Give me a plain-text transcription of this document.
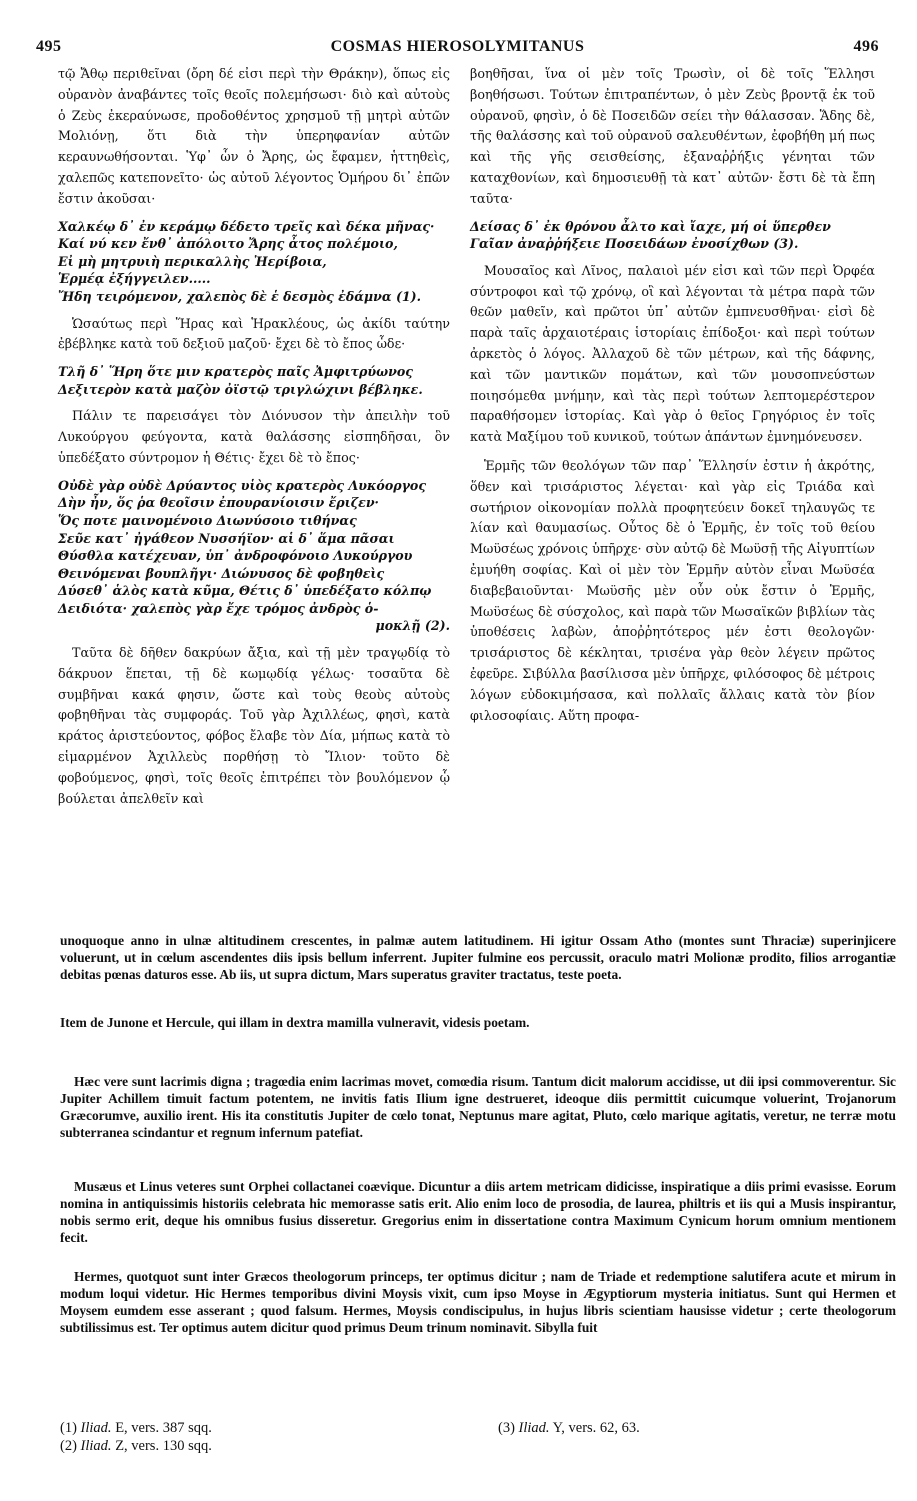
495	COSMAS HIEROSOLYMITANUS	496

τῷ Ἄθῳ περιθεῖναι (ὄρη δέ εἰσι περὶ τὴν Θράκην), ὅπως εἰς οὐρανὸν ἀναβάντες τοῖς θεοῖς πολεμήσωσι· διὸ καὶ αὐτοὺς ὁ Ζεὺς ἐκεραύνωσε, προδοθέντος χρησμοῦ τῇ μητρὶ αὐτῶν Μολιόνῃ, ὅτι διὰ τὴν ὑπερηφανίαν αὐτῶν κεραυνωθήσονται. Ὑφ᾽ ὧν ὁ Ἄρης, ὡς ἔφαμεν, ἡττηθεὶς, χαλεπῶς κατεπονεῖτο· ὡς αὐτοῦ λέγοντος Ὁμήρου δι᾽ ἐπῶν ἔστιν ἀκοῦσαι·

Χαλκέῳ δ᾽ ἐν κεράμῳ δέδετο τρεῖς καὶ δέκα μῆνας·
Καί νύ κεν ἔνθ᾽ ἀπόλοιτο Ἄρης ἆτος πολέμοιο,
Εἰ μὴ μητρυιὴ περικαλλὴς Ἠερίβοια,
Ἑρμέᾳ ἐξήγγειλεν.....
Ἤδη τειρόμενον, χαλεπὸς δὲ ἑ δεσμὸς ἐδάμνα (1).

Ὡσαύτως περὶ Ἥρας καὶ Ἡρακλέους, ὡς ἀκίδι ταύτην ἐβέβληκε κατὰ τοῦ δεξιοῦ μαζοῦ· ἔχει δὲ τὸ ἔπος ὧδε·

Τλῆ δ᾽ Ἥρη ὅτε μιν κρατερὸς παῖς Ἀμφιτρύωνος
Δεξιτερὸν κατὰ μαζὸν ὀϊστῷ τριγλώχινι βέβληκε.

Πάλιν τε παρεισάγει τὸν Διόνυσον τὴν ἀπειλὴν τοῦ Λυκούργου φεύγοντα, κατὰ θαλάσσης εἰσπηδῆσαι, ὃν ὑπεδέξατο σύντρομον ἡ Θέτις· ἔχει δὲ τὸ ἔπος·

Οὐδὲ γὰρ οὐδὲ Δρύαντος υἱὸς κρατερὸς Λυκόοργος
Δὴν ἦν, ὅς ῥα θεοῖσιν ἐπουρανίοισιν ἔριζεν·
Ὅς ποτε μαινομένοιο Διωνύσοιο τιθήνας
Σεῦε κατ᾽ ἠγάθεον Νυσσήϊον· αἱ δ᾽ ἅμα πᾶσαι
Θύσθλα κατέχευαν, ὑπ᾽ ἀνδροφόνοιο Λυκούργου
Θεινόμεναι βουπλῆγι· Διώνυσος δὲ φοβηθεὶς
Δύσεθ᾽ ἁλὸς κατὰ κῦμα, Θέτις δ᾽ ὑπεδέξατο κόλπῳ
Δειδιότα· χαλεπὸς γὰρ ἔχε τρόμος ἀνδρὸς ὁ-
μοκλῇ (2).

Ταῦτα δὲ δῆθεν δακρύων ἄξια, καὶ τῇ μὲν τραγῳδίᾳ τὸ δάκρυον ἕπεται, τῇ δὲ κωμῳδίᾳ γέλως· τοσαῦτα δὲ συμβῆναι κακά φησιν, ὥστε καὶ τοὺς θεοὺς αὐτοὺς φοβηθῆναι τὰς συμφοράς. Τοῦ γὰρ Ἀχιλλέως, φησὶ, κατὰ κράτος ἀριστεύοντος, φόβος ἔλαβε τὸν Δία, μήπως κατὰ τὸ εἱμαρμένον Ἀχιλλεὺς πορθήσῃ τὸ Ἴλιον· τοῦτο δὲ φοβούμενος, φησὶ, τοῖς θεοῖς ἐπιτρέπει τὸν βουλόμενον ᾧ βούλεται ἀπελθεῖν καὶ

βοηθῆσαι, ἵνα οἱ μὲν τοῖς Τρωσὶν, οἱ δὲ τοῖς Ἕλλησι βοηθήσωσι. Τούτων ἐπιτραπέντων, ὁ μὲν Ζεὺς βροντᾷ ἐκ τοῦ οὐρανοῦ, φησὶν, ὁ δὲ Ποσειδῶν σείει τὴν θάλασσαν. Ἅδης δὲ, τῆς θαλάσσης καὶ τοῦ οὐρανοῦ σαλευθέντων, ἐφοβήθη μή πως καὶ τῆς γῆς σεισθείσης, ἐξαναῤῥήξις γένηται τῶν καταχθονίων, καὶ δημοσιευθῇ τὰ κατ᾽ αὐτῶν· ἔστι δὲ τὰ ἔπη ταῦτα·

Δείσας δ᾽ ἐκ θρόνου ἆλτο καὶ ἴαχε, μή οἱ ὕπερθεν
Γαῖαν ἀναῤῥήξειε Ποσειδάων ἐνοσίχθων (3).

Μουσαῖος καὶ Λῖνος, παλαιοὶ μέν εἰσι καὶ τῶν περὶ Ὀρφέα σύντροφοι καὶ τῷ χρόνῳ, οἳ καὶ λέγονται τὰ μέτρα παρὰ τῶν θεῶν μαθεῖν, καὶ πρῶτοι ὑπ᾽ αὐτῶν ἐμπνευσθῆναι· εἰσὶ δὲ παρὰ ταῖς ἀρχαιοτέραις ἱστορίαις ἐπίδοξοι· καὶ περὶ τούτων ἀρκετὸς ὁ λόγος. Ἀλλαχοῦ δὲ τῶν μέτρων, καὶ τῆς δάφνης, καὶ τῶν μαντικῶν πομάτων, καὶ τῶν μουσοπνεύστων ποιησόμεθα μνήμην, καὶ τὰς περὶ τούτων λεπτομερέστερον παραθήσομεν ἱστορίας. Καὶ γὰρ ὁ θεῖος Γρηγόριος ἐν τοῖς κατὰ Μαξίμου τοῦ κυνικοῦ, τούτων ἁπάντων ἐμνημόνευσεν.

Ἑρμῆς τῶν θεολόγων τῶν παρ᾽ Ἕλλησίν ἐστιν ἡ ἀκρότης, ὅθεν καὶ τρισάριστος λέγεται· καὶ γὰρ εἰς Τριάδα καὶ σωτήριον οἰκονομίαν πολλὰ προφητεύειν δοκεῖ τηλαυγῶς τε λίαν καὶ θαυμασίως. Οὗτος δὲ ὁ Ἑρμῆς, ἐν τοῖς τοῦ θείου Μωϋσέως χρόνοις ὑπῆρχε· σὺν αὐτῷ δὲ Μωϋσῇ τῆς Αἰγυπτίων ἐμυήθη σοφίας. Καὶ οἱ μὲν τὸν Ἑρμῆν αὐτὸν εἶναι Μωϋσέα διαβεβαιοῦνται· Μωϋσῆς μὲν οὖν οὐκ ἔστιν ὁ Ἑρμῆς, Μωϋσέως δὲ σύσχολος, καὶ παρὰ τῶν Μωσαϊκῶν βιβλίων τὰς ὑποθέσεις λαβὼν, ἀποῤῥητότερος μέν ἐστι θεολογῶν· τρισάριστος δὲ κέκληται, τρισένα γὰρ θεὸν λέγειν πρῶτος ἐφεῦρε. Σιβύλλα βασίλισσα μὲν ὑπῆρχε, φιλόσοφος δὲ μέτροις λόγων εὐδοκιμήσασα, καὶ πολλαῖς ἄλλαις κατὰ τὸν βίον φιλοσοφίαις. Αὕτη προφα-

unoquoque anno in ulnæ altitudinem crescentes, in palmæ autem latitudinem. Hi igitur Ossam Atho (montes sunt Thraciæ) superinjicere voluerunt, ut in cœlum ascendentes diis ipsis bellum inferrent. Jupiter fulmine eos percussit, oraculo matri Molionæ prodito, filios arrogantiæ debitas pœnas daturos esse. Ab iis, ut supra dictum, Mars superatus graviter tractatus, teste poeta.

Item de Junone et Hercule, qui illam in dextra mamilla vulneravit, videsis poetam.

Hæc vere sunt lacrimis digna ; tragœdia enim lacrimas movet, comœdia risum. Tantum dicit malorum accidisse, ut dii ipsi commoverentur. Sic Jupiter Achillem timuit factum potentem, ne invitis fatis Ilium igne destrueret, ideoque diis permittit cuicumque voluerint, Trojanorum Græcorumve, auxilio irent. His ita constitutis Jupiter de cœlo tonat, Neptunus mare agitat, Pluto, cœlo marique agitatis, veretur, ne terræ motu subterranea scindantur et regnum infernum patefiat.

Musæus et Linus veteres sunt Orphei collactanei coævique. Dicuntur a diis artem metricam didicisse, inspiratique a diis primi evasisse. Eorum nomina in antiquissimis historiis celebrata hic memorasse satis erit. Alio enim loco de prosodia, de laurea, philtris et iis qui a Musis inspirantur, nobis sermo erit, deque his omnibus fusius disseretur. Gregorius enim in dissertatione contra Maximum Cynicum horum omnium mentionem fecit.

Hermes, quotquot sunt inter Græcos theologorum princeps, ter optimus dicitur ; nam de Triade et redemptione salutifera acute et mirum in modum loqui videtur. Hic Hermes temporibus divini Moysis vixit, cum ipso Moyse in Ægyptiorum mysteria initiatus. Sunt qui Hermen et Moysem eumdem esse asserant ; quod falsum. Hermes, Moysis condiscipulus, in hujus libris scientiam hausisse videtur ; certe theologorum subtilissimus est. Ter optimus autem dicitur quod primus Deum trinum nominavit. Sibylla fuit

(1) Iliad. E, vers. 387 sqq.
(2) Iliad. Z, vers. 130 sqq.
(3) Iliad. Y, vers. 62, 63.
